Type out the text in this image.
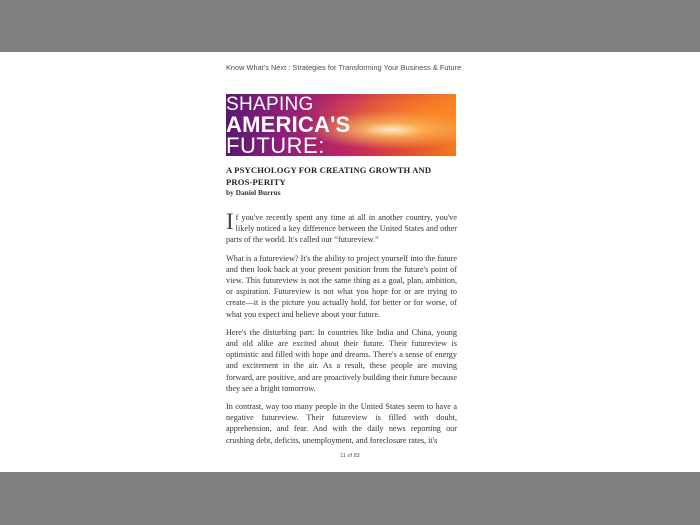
Know What's Next : Strategies for Transforming Your Business & Future
SHAPING
AMERICA'S
FUTURE:
A PSYCHOLOGY FOR CREATING GROWTH AND PROS-PERITY

by Daniel Burrus

If you've recently spent any time at all in another country, you've likely noticed a key difference between the United States and other parts of the world. It's called our “futureview.”

What is a futureview? It's the ability to project yourself into the future and then look back at your present position from the future's point of view. This futureview is not the same thing as a goal, plan, ambition, or aspiration. Futureview is not what you hope for or are trying to create—it is the picture you actually hold, for better or for worse, of what you expect and believe about your future.

Here's the disturbing part: In countries like India and China, young and old alike are excited about their future. Their futureview is optimistic and filled with hope and dreams. There's a sense of energy and excitement in the air. As a result, these people are moving forward, are positive, and are proactively building their future because they see a bright tomorrow.

In contrast, way too many people in the United States seem to have a negative futureview. Their futureview is filled with doubt, apprehension, and fear. And with the daily news reporting our crushing debt, deficits, unemployment, and foreclosure rates, it's

11 of 83
